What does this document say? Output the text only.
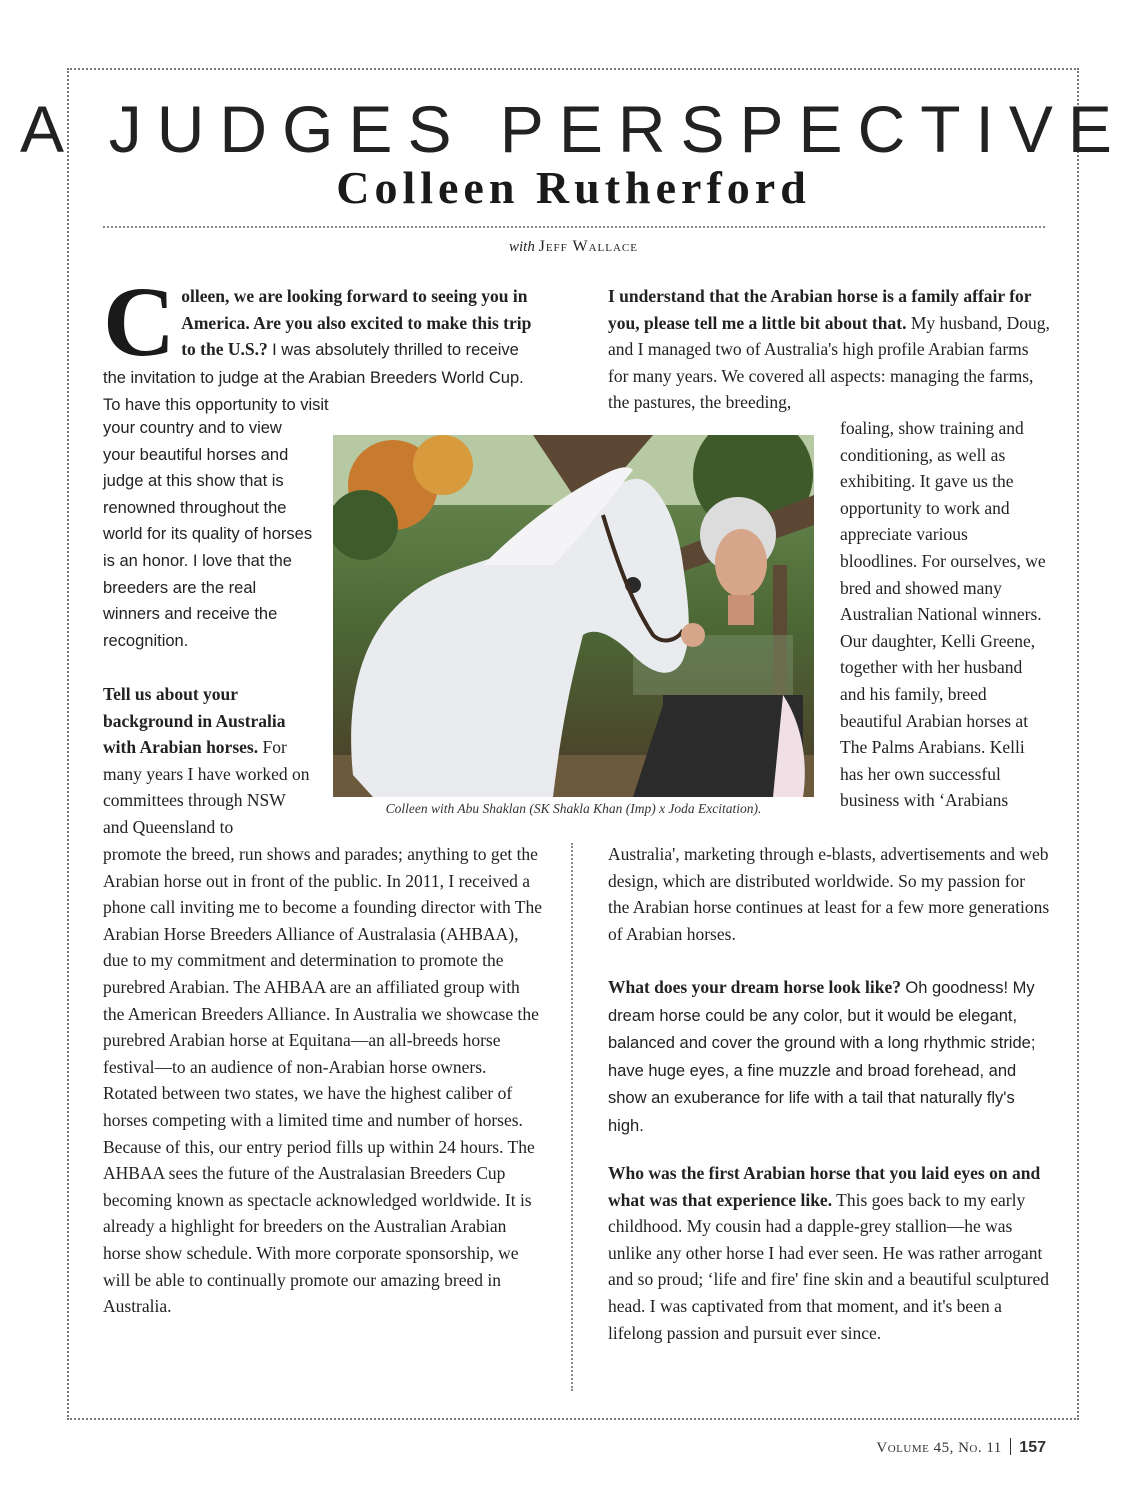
A JUDGES PERSPECTIVE
Colleen Rutherford
with Jeff Wallace

C olleen, we are looking forward to seeing you in America. Are you also excited to make this trip to the U.S.? I was absolutely thrilled to receive the invitation to judge at the Arabian Breeders World Cup. To have this opportunity to visit

your country and to view your beautiful horses and judge at this show that is renowned throughout the world for its quality of horses is an honor. I love that the breeders are the real winners and receive the recognition.

Tell us about your background in Australia with Arabian horses. For many years I have worked on committees through NSW and Queensland to

promote the breed, run shows and parades; anything to get the Arabian horse out in front of the public. In 2011, I received a phone call inviting me to become a founding director with The Arabian Horse Breeders Alliance of Australasia (AHBAA), due to my commitment and determination to promote the purebred Arabian. The AHBAA are an affiliated group with the American Breeders Alliance. In Australia we showcase the purebred Arabian horse at Equitana—an all-breeds horse festival—to an audience of non-Arabian horse owners. Rotated between two states, we have the highest caliber of horses competing with a limited time and number of horses. Because of this, our entry period fills up within 24 hours. The AHBAA sees the future of the Australasian Breeders Cup becoming known as spectacle acknowledged worldwide. It is already a highlight for breeders on the Australian Arabian horse show schedule. With more corporate sponsorship, we will be able to continually promote our amazing breed in Australia.

Colleen with Abu Shaklan (SK Shakla Khan (Imp) x Joda Excitation).

I understand that the Arabian horse is a family affair for you, please tell me a little bit about that. My husband, Doug, and I managed two of Australia's high profile Arabian farms for many years. We covered all aspects: managing the farms, the pastures, the breeding,

foaling, show training and conditioning, as well as exhibiting. It gave us the opportunity to work and appreciate various bloodlines. For ourselves, we bred and showed many Australian National winners. Our daughter, Kelli Greene, together with her husband and his family, breed beautiful Arabian horses at The Palms Arabians. Kelli has her own successful business with ‘Arabians

Australia', marketing through e-blasts, advertisements and web design, which are distributed worldwide. So my passion for the Arabian horse continues at least for a few more generations of Arabian horses.

What does your dream horse look like? Oh goodness! My dream horse could be any color, but it would be elegant, balanced and cover the ground with a long rhythmic stride; have huge eyes, a fine muzzle and broad forehead, and show an exuberance for life with a tail that naturally fly's high.

Who was the first Arabian horse that you laid eyes on and what was that experience like. This goes back to my early childhood. My cousin had a dapple-grey stallion—he was unlike any other horse I had ever seen. He was rather arrogant and so proud; ‘life and fire' fine skin and a beautiful sculptured head. I was captivated from that moment, and it's been a lifelong passion and pursuit ever since.

Volume 45, No. 11 157
